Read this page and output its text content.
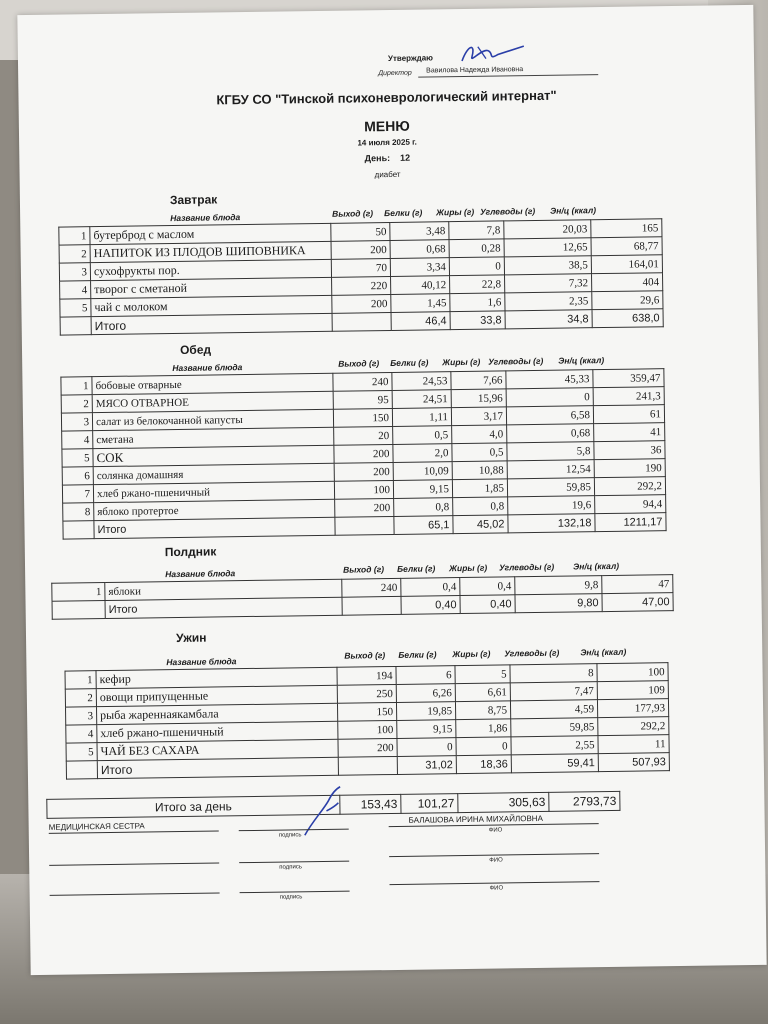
Утверждаю
Директор Вавилова Надежда Ивановна
КГБУ СО "Тинской психоневрологический интернат"
МЕНЮ
14 июля 2025 г.
День: 12
диабет
Завтрак
Название блюда	Выход (г) Белки (г) Жиры (г) Углеводы (г) Эн/ц (ккал)
1	бутерброд с маслом	50	3,48	7,8	20,03	165
2	НАПИТОК ИЗ ПЛОДОВ ШИПОВНИКА	200	0,68	0,28	12,65	68,77
3	сухофрукты пор.	70	3,34	0	38,5	164,01
4	творог с сметаной	220	40,12	22,8	7,32	404
5	чай с молоком	200	1,45	1,6	2,35	29,6
	Итого		46,4	33,8	34,8	638,0
Обед
Название блюда	Выход (г) Белки (г) Жиры (г) Углеводы (г) Эн/ц (ккал)
1	бобовые отварные	240	24,53	7,66	45,33	359,47
2	МЯСО ОТВАРНОЕ	95	24,51	15,96	0	241,3
3	салат из белокочанной капусты	150	1,11	3,17	6,58	61
4	сметана	20	0,5	4,0	0,68	41
5	СОК	200	2,0	0,5	5,8	36
6	солянка домашняя	200	10,09	10,88	12,54	190
7	хлеб ржано-пшеничный	100	9,15	1,85	59,85	292,2
8	яблоко протертое	200	0,8	0,8	19,6	94,4
	Итого		65,1	45,02	132,18	1211,17
Полдник
Название блюда	Выход (г) Белки (г) Жиры (г) Углеводы (г) Эн/ц (ккал)
1	яблоки	240	0,4	0,4	9,8	47
	Итого		0,40	0,40	9,80	47,00
Ужин
Название блюда
Выход (г) Белки (г) Жиры (г) Углеводы (г) Эн/ц (ккал)
1	кефир	194	6	5	8	100
2	овощи припущенные	250	6,26	6,61	7,47	109
3	рыба жареннаякамбала	150	19,85	8,75	4,59	177,93
4	хлеб ржано-пшеничный	100	9,15	1,86	59,85	292,2
5	ЧАЙ БЕЗ САХАРА	200	0	0	2,55	11
	Итого		31,02	18,36	59,41	507,93
Итого за день	153,43	101,27	305,63	2793,73
МЕДИЦИНСКАЯ СЕСТРА
подпись
БАЛАШОВА ИРИНА МИХАЙЛОВНА
ФИО
подпись
ФИО
подпись
ФИО
